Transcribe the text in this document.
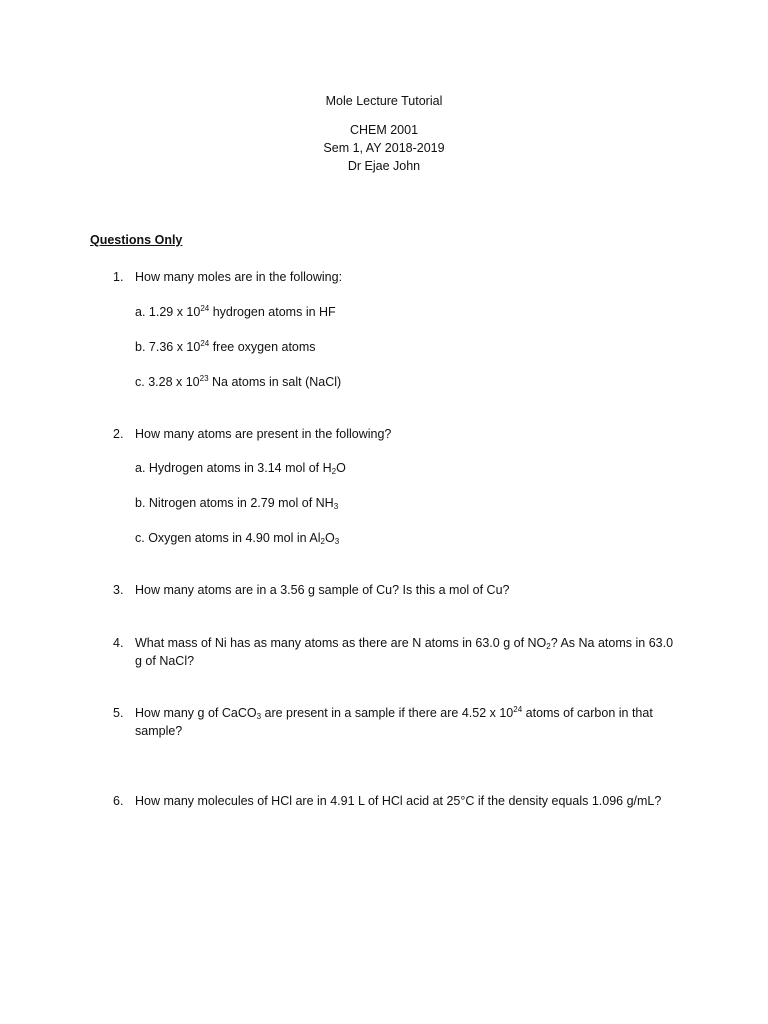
Mole Lecture Tutorial
CHEM 2001
Sem 1, AY 2018-2019
Dr Ejae John
Questions Only
1. How many moles are in the following:
a. 1.29 x $10^{24}$ hydrogen atoms in HF
b. 7.36 x $10^{24}$ free oxygen atoms
c. 3.28 x $10^{23}$ Na atoms in salt (NaCl)
2. How many atoms are present in the following?
a. Hydrogen atoms in 3.14 mol of $H_2O$
b. Nitrogen atoms in 2.79 mol of $NH_3$
c. Oxygen atoms in 4.90 mol in $Al_2O_3$
3. How many atoms are in a 3.56 g sample of Cu? Is this a mol of Cu?
4. What mass of Ni has as many atoms as there are N atoms in 63.0 g of $NO_2$? As Na atoms in 63.0 g of NaCl?
5. How many g of CaCO$_3$ are present in a sample if there are 4.52 x $10^{24}$ atoms of carbon in that sample?
6. How many molecules of HCl are in 4.91 L of HCl acid at 25°C if the density equals 1.096 g/mL?
